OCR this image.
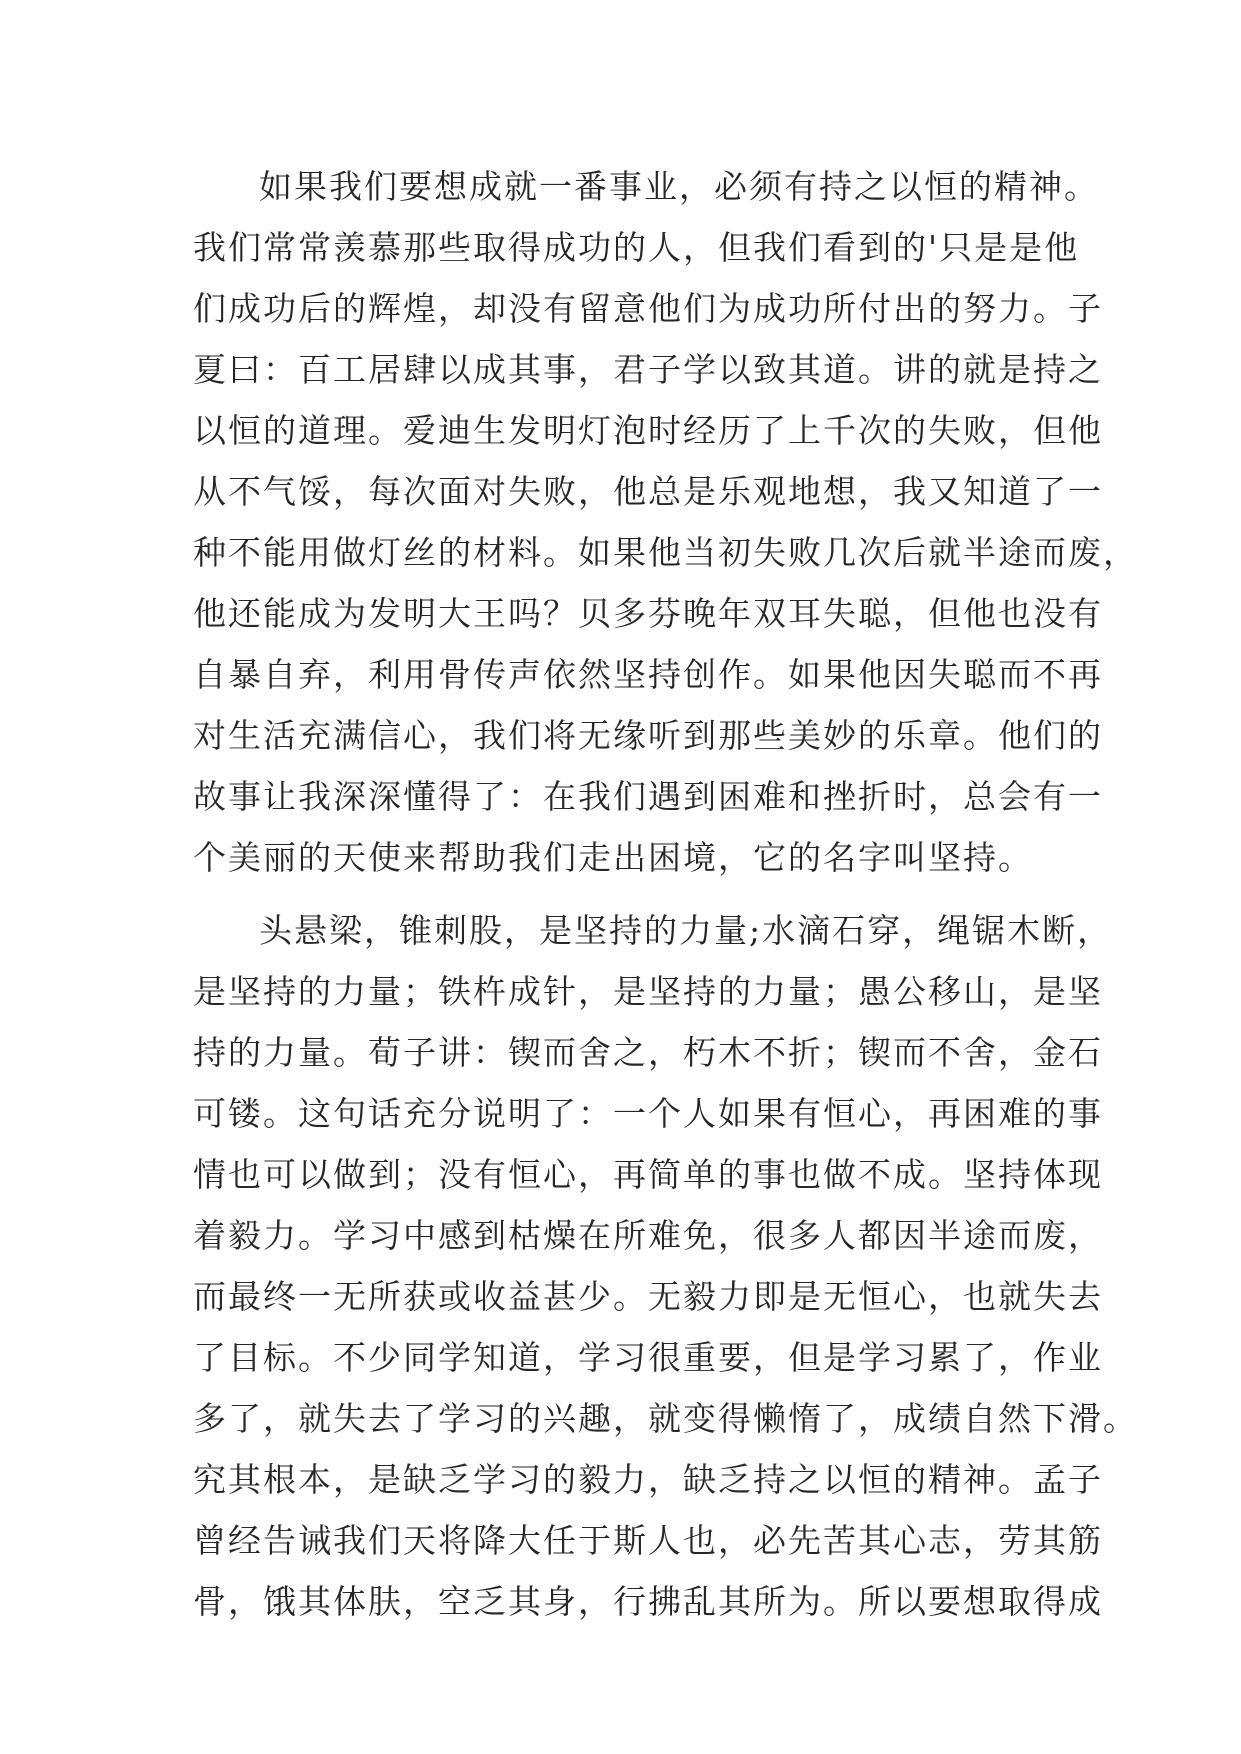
如果我们要想成就一番事业，必须有持之以恒的精神。
我们常常羡慕那些取得成功的人，但我们看到的'只是是他
们成功后的辉煌，却没有留意他们为成功所付出的努力。子
夏曰：百工居肆以成其事，君子学以致其道。讲的就是持之
以恒的道理。爱迪生发明灯泡时经历了上千次的失败，但他
从不气馁，每次面对失败，他总是乐观地想，我又知道了一
种不能用做灯丝的材料。如果他当初失败几次后就半途而废，
他还能成为发明大王吗？贝多芬晚年双耳失聪，但他也没有
自暴自弃，利用骨传声依然坚持创作。如果他因失聪而不再
对生活充满信心，我们将无缘听到那些美妙的乐章。他们的
故事让我深深懂得了：在我们遇到困难和挫折时，总会有一
个美丽的天使来帮助我们走出困境，它的名字叫坚持。
头悬梁，锥刺股，是坚持的力量;水滴石穿，绳锯木断，
是坚持的力量；铁杵成针，是坚持的力量；愚公移山，是坚
持的力量。荀子讲：锲而舍之，朽木不折；锲而不舍，金石
可镂。这句话充分说明了：一个人如果有恒心，再困难的事
情也可以做到；没有恒心，再简单的事也做不成。坚持体现
着毅力。学习中感到枯燥在所难免，很多人都因半途而废，
而最终一无所获或收益甚少。无毅力即是无恒心，也就失去
了目标。不少同学知道，学习很重要，但是学习累了，作业
多了，就失去了学习的兴趣，就变得懒惰了，成绩自然下滑。
究其根本，是缺乏学习的毅力，缺乏持之以恒的精神。孟子
曾经告诫我们天将降大任于斯人也，必先苦其心志，劳其筋
骨，饿其体肤，空乏其身，行拂乱其所为。所以要想取得成
